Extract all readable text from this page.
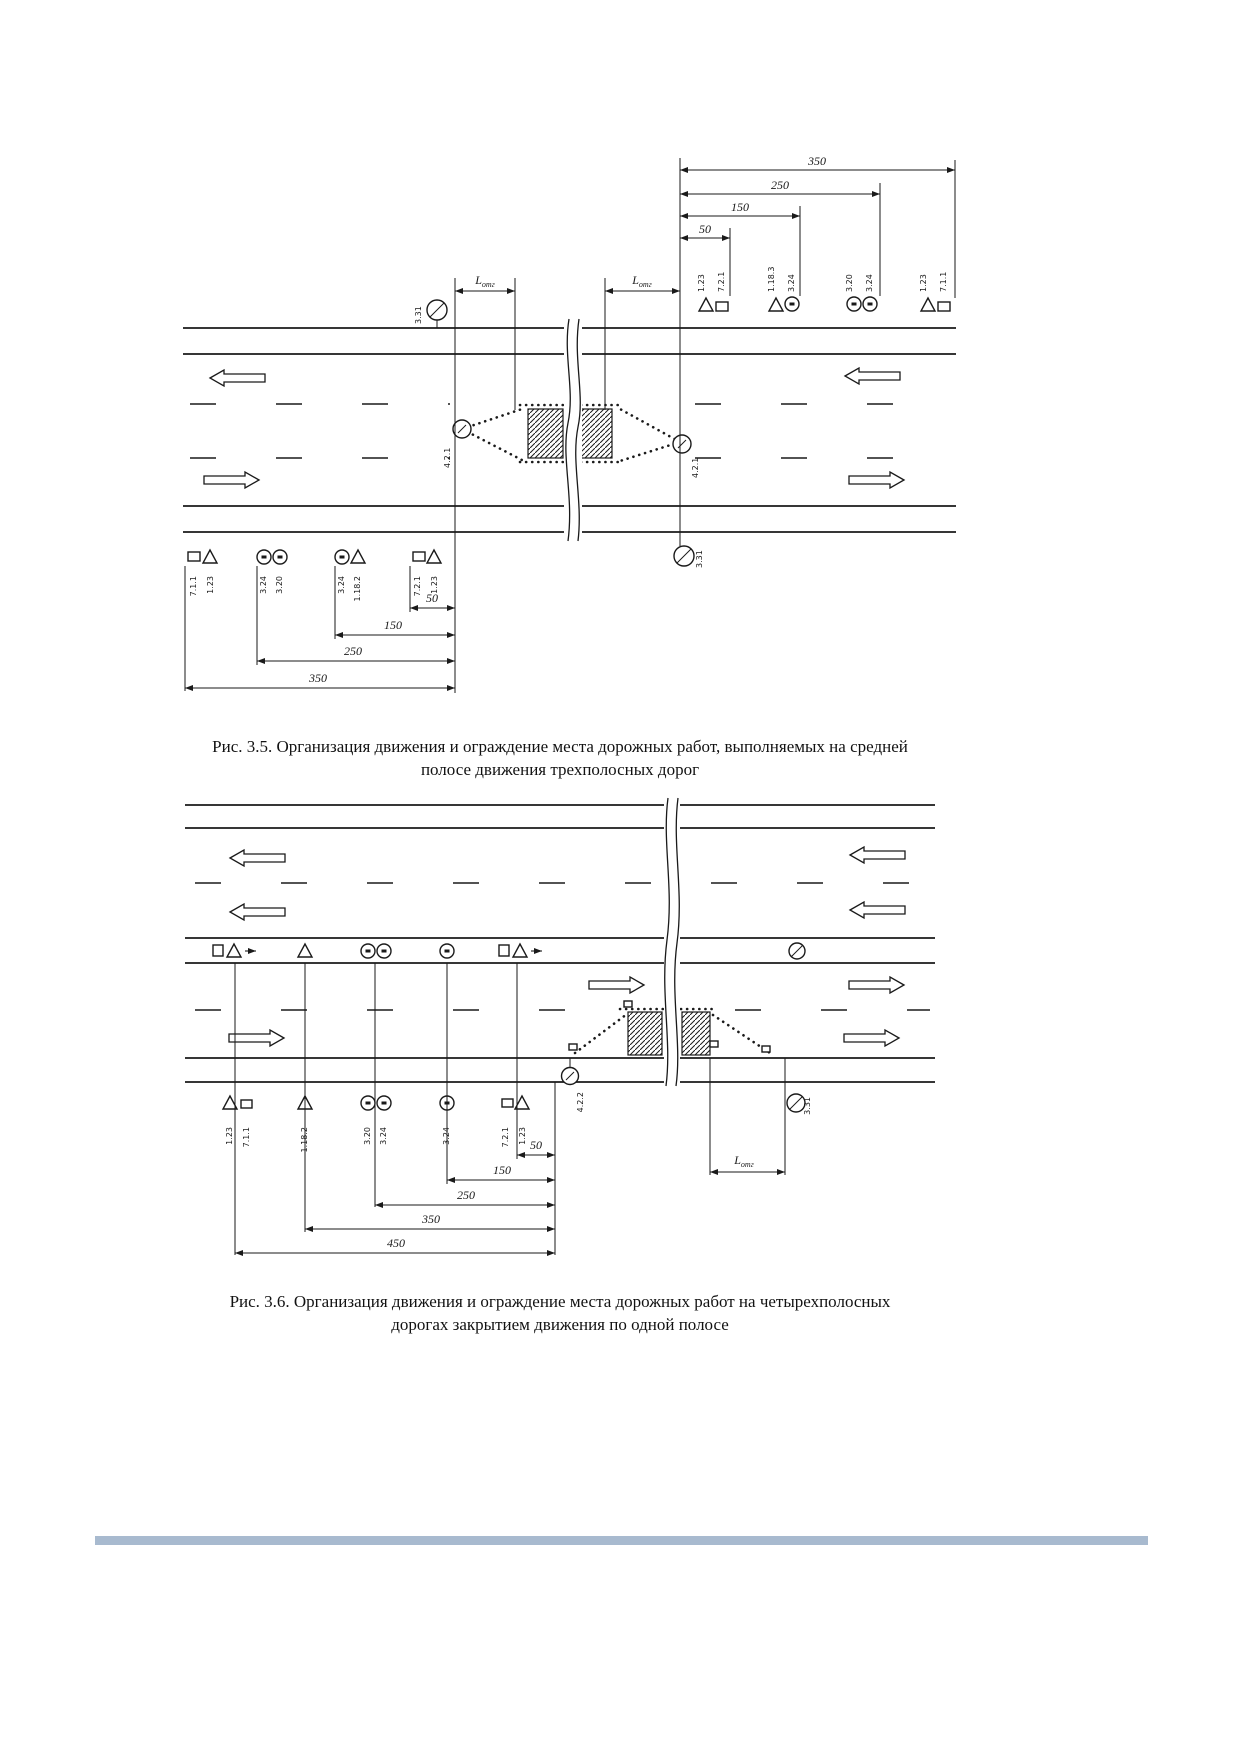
4.2.1	4.2.1
3.31
$L_{отг}$	$L_{отг}$
350
250
150
50
1.23 7.2.1	1.18.3 3.24	3.20 3.24	1.23 7.1.1
3.31
7.1.1 1.23	3.24 3.20	3.24 1.18.2	7.2.1 1.23
50
150
250
350
Рис. 3.5. Организация движения и ограждение места дорожных работ, выполняемых на средней
полосе движения трехполосных дорог
4.2.2	3.31
$L_{отг}$
1.23 7.1.1	1.18.2	3.20 3.24	3.24	7.2.1 1.23
50
150
250
350
450
Рис. 3.6. Организация движения и ограждение места дорожных работ на четырехполосных
дорогах закрытием движения по одной полосе
